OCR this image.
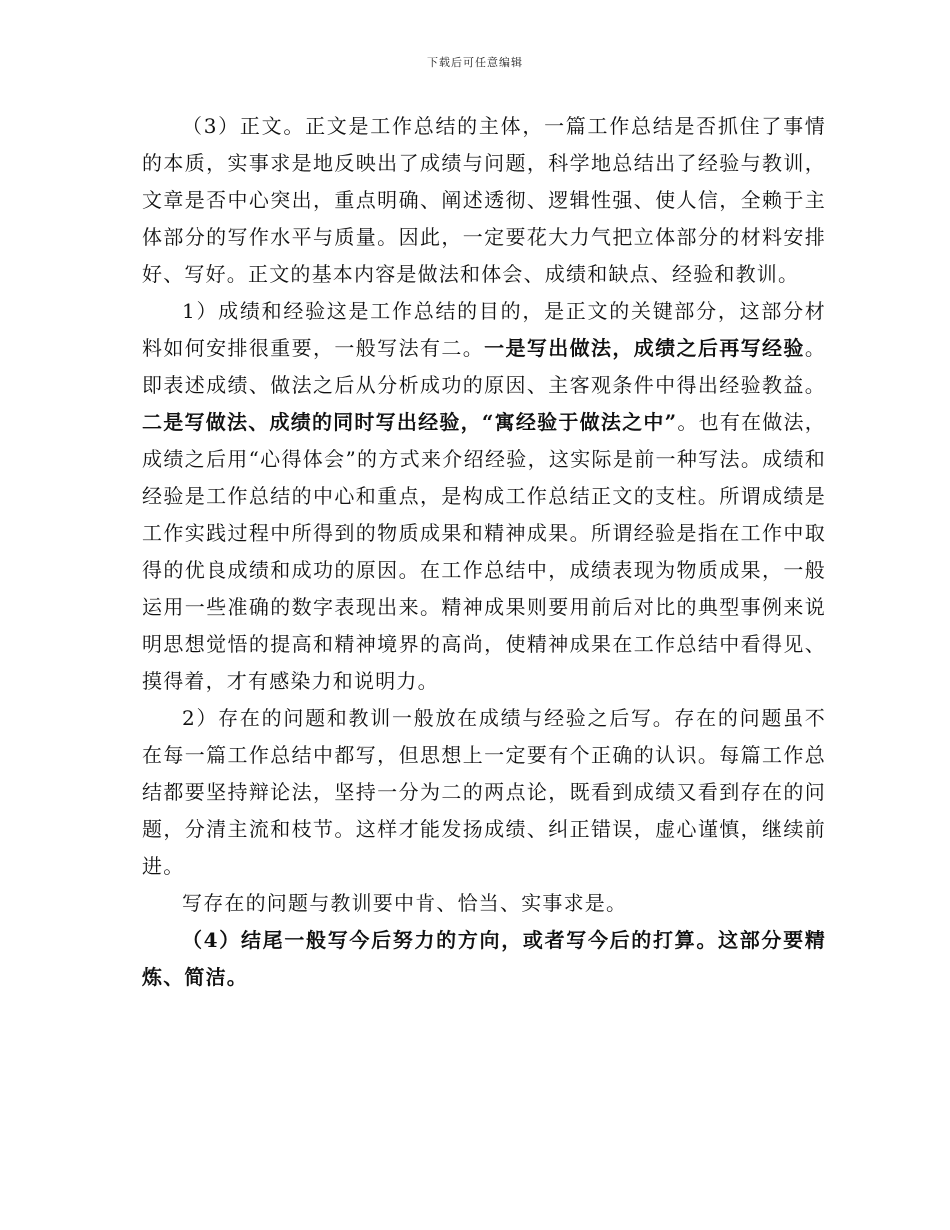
下载后可任意编辑

（3）正文。正文是工作总结的主体，一篇工作总结是否抓住了事情的本质，实事求是地反映出了成绩与问题，科学地总结出了经验与教训，文章是否中心突出，重点明确、阐述透彻、逻辑性强、使人信，全赖于主体部分的写作水平与质量。因此，一定要花大力气把立体部分的材料安排好、写好。正文的基本内容是做法和体会、成绩和缺点、经验和教训。

1）成绩和经验这是工作总结的目的，是正文的关键部分，这部分材料如何安排很重要，一般写法有二。一是写出做法，成绩之后再写经验。即表述成绩、做法之后从分析成功的原因、主客观条件中得出经验教益。二是写做法、成绩的同时写出经验，“寓经验于做法之中”。也有在做法，成绩之后用“心得体会”的方式来介绍经验，这实际是前一种写法。成绩和经验是工作总结的中心和重点，是构成工作总结正文的支柱。所谓成绩是工作实践过程中所得到的物质成果和精神成果。所谓经验是指在工作中取得的优良成绩和成功的原因。在工作总结中，成绩表现为物质成果，一般运用一些准确的数字表现出来。精神成果则要用前后对比的典型事例来说明思想觉悟的提高和精神境界的高尚，使精神成果在工作总结中看得见、摸得着，才有感染力和说明力。

2）存在的问题和教训一般放在成绩与经验之后写。存在的问题虽不在每一篇工作总结中都写，但思想上一定要有个正确的认识。每篇工作总结都要坚持辩论法，坚持一分为二的两点论，既看到成绩又看到存在的问题，分清主流和枝节。这样才能发扬成绩、纠正错误，虚心谨慎，继续前进。

写存在的问题与教训要中肯、恰当、实事求是。

（4）结尾一般写今后努力的方向，或者写今后的打算。这部分要精炼、简洁。
